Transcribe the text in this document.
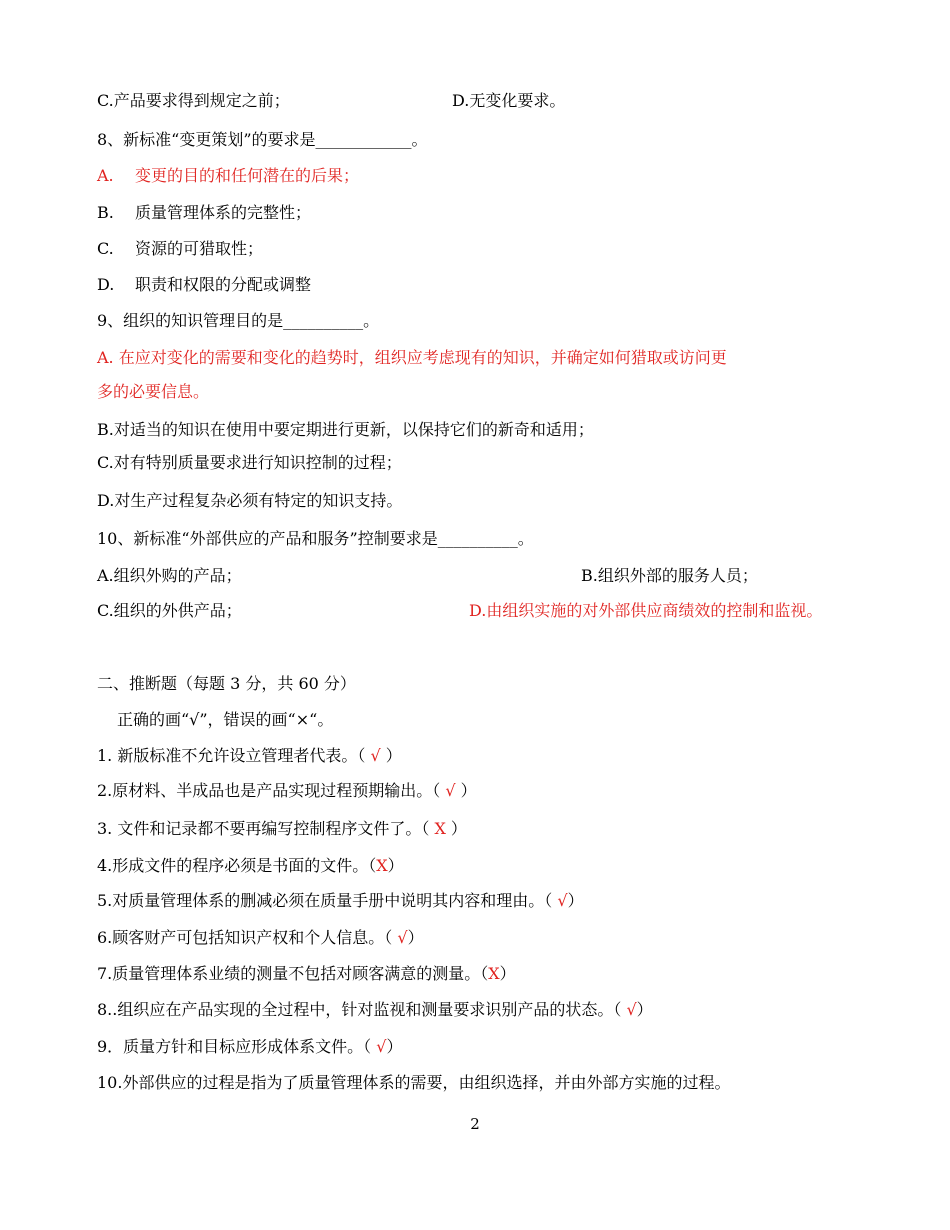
C.产品要求得到规定之前；	D.无变化要求。
8、新标准“变更策划”的要求是____________。
A. 变更的目的和任何潜在的后果；
B. 质量管理体系的完整性；
C. 资源的可猎取性；
D. 职责和权限的分配或调整
9、组织的知识管理目的是__________。
A. 在应对变化的需要和变化的趋势时，组织应考虑现有的知识，并确定如何猎取或访问更
多的必要信息。
B.对适当的知识在使用中要定期进行更新，以保持它们的新奇和适用；
C.对有特别质量要求进行知识控制的过程；
D.对生产过程复杂必须有特定的知识支持。
10、新标准“外部供应的产品和服务”控制要求是__________。
A.组织外购的产品；	B.组织外部的服务人员；
C.组织的外供产品；	D.由组织实施的对外部供应商绩效的控制和监视。
二、推断题（每题 3 分，共 60 分）
正确的画“√”，错误的画“×“。
1. 新版标准不允许设立管理者代表。（ √ ）
2.原材料、半成品也是产品实现过程预期输出。（ √ ）
3. 文件和记录都不要再编写控制程序文件了。（ X ）
4.形成文件的程序必须是书面的文件。（X）
5.对质量管理体系的删减必须在质量手册中说明其内容和理由。（ √）
6.顾客财产可包括知识产权和个人信息。（ √）
7.质量管理体系业绩的测量不包括对顾客满意的测量。（X）
8..组织应在产品实现的全过程中，针对监视和测量要求识别产品的状态。（ √）
9．质量方针和目标应形成体系文件。（ √）
10.外部供应的过程是指为了质量管理体系的需要，由组织选择，并由外部方实施的过程。
2
